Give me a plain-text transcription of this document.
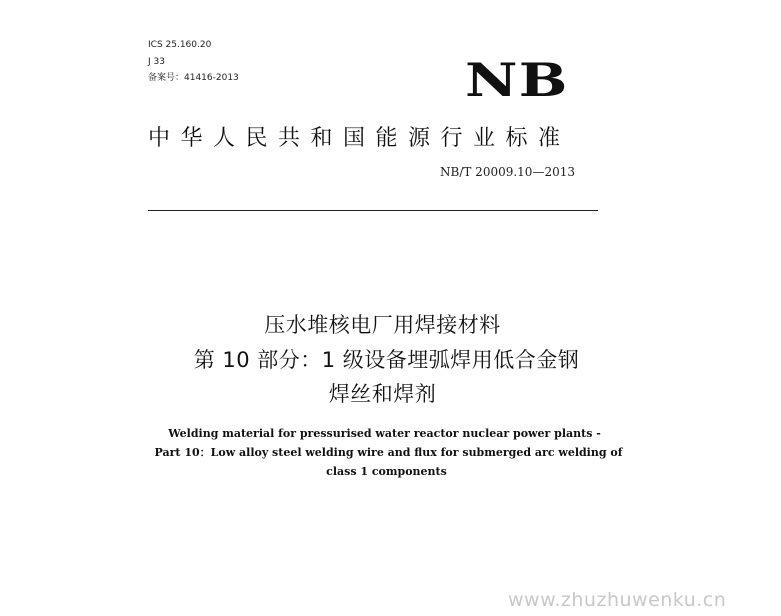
ICS 25.160.20
J 33
备案号：41416-2013	NB
中华人民共和国能源行业标准
NB/T 20009.10—2013
压水堆核电厂用焊接材料
第 10 部分：1 级设备埋弧焊用低合金钢
焊丝和焊剂
Welding material for pressurised water reactor nuclear power plants -
Part 10：Low alloy steel welding wire and flux for submerged arc welding of
class 1 components
www.zhuzhuwenku.cn
